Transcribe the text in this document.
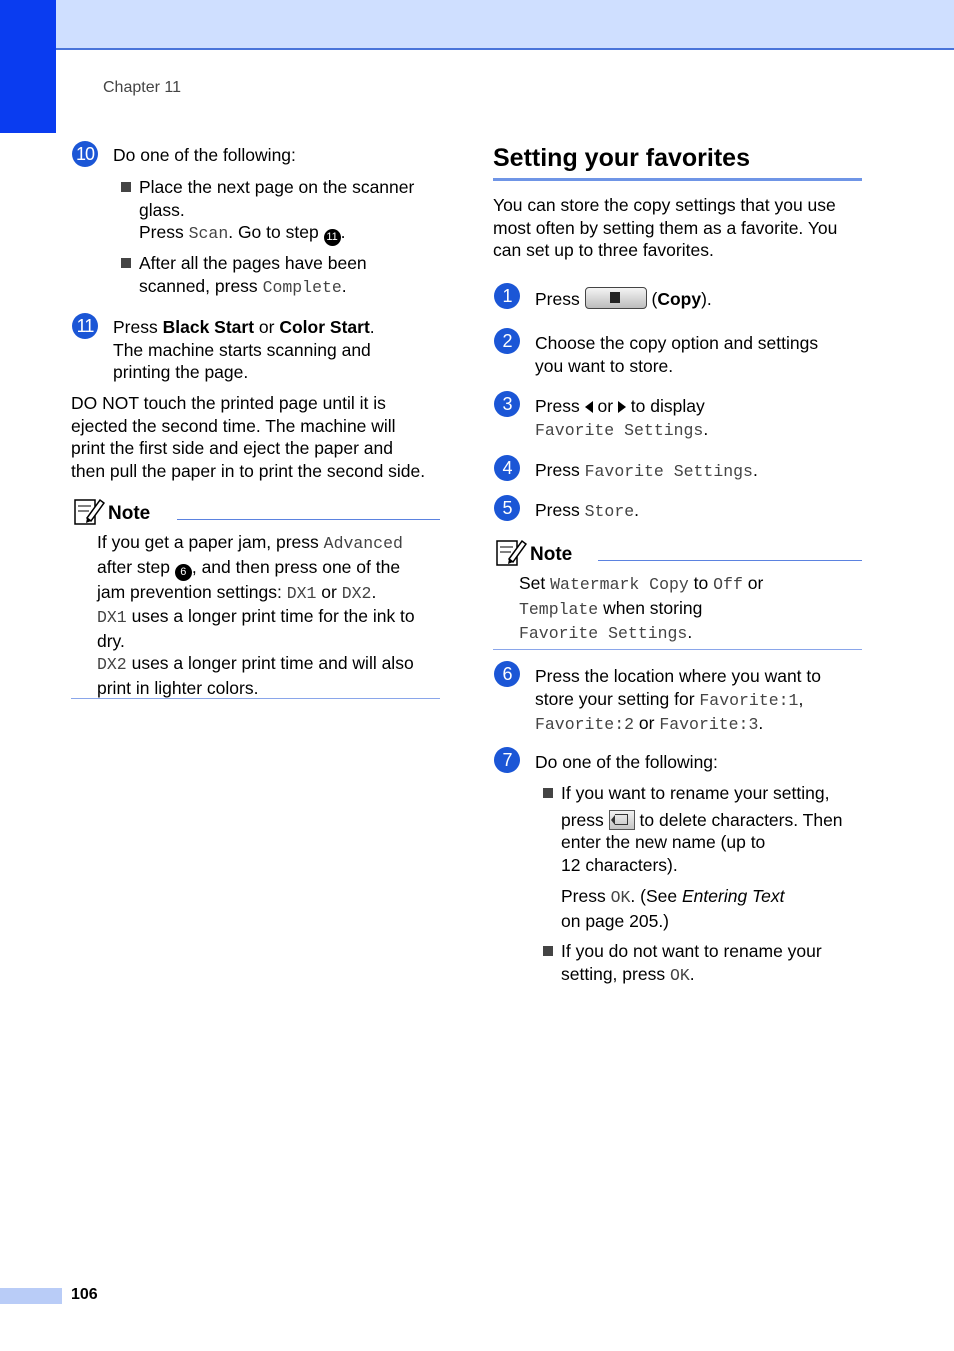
Chapter 11
106
10 Do one of the following:
Place the next page on the scanner
glass.
Press Scan. Go to step 11 .
After all the pages have been
scanned, press Complete.
11 Press Black Start or Color Start.
The machine starts scanning and
printing the page.
DO NOT touch the printed page until it is
ejected the second time. The machine will
print the first side and eject the paper and
then pull the paper in to print the second side.
Note
If you get a paper jam, press Advanced
after step 6 , and then press one of the
jam prevention settings: DX1 or DX2.
DX1 uses a longer print time for the ink to
dry.
DX2 uses a longer print time and will also
print in lighter colors.
Setting your favorites
You can store the copy settings that you use
most often by setting them as a favorite. You
can set up to three favorites.
1	Press	(Copy).
2	Choose the copy option and settings
you want to store.
3	Press or to display
Favorite Settings.
4	Press Favorite Settings.
5	Press Store.
Note
Set Watermark Copy to Off or
Template when storing
Favorite Settings.
6	Press the location where you want to
store your setting for Favorite:1,
Favorite:2 or Favorite:3.
7	Do one of the following:
If you want to rename your setting,
press to delete characters. Then
enter the new name (up to
12 characters).
Press OK. (See Entering Text
on page 205.)
If you do not want to rename your
setting, press OK.
